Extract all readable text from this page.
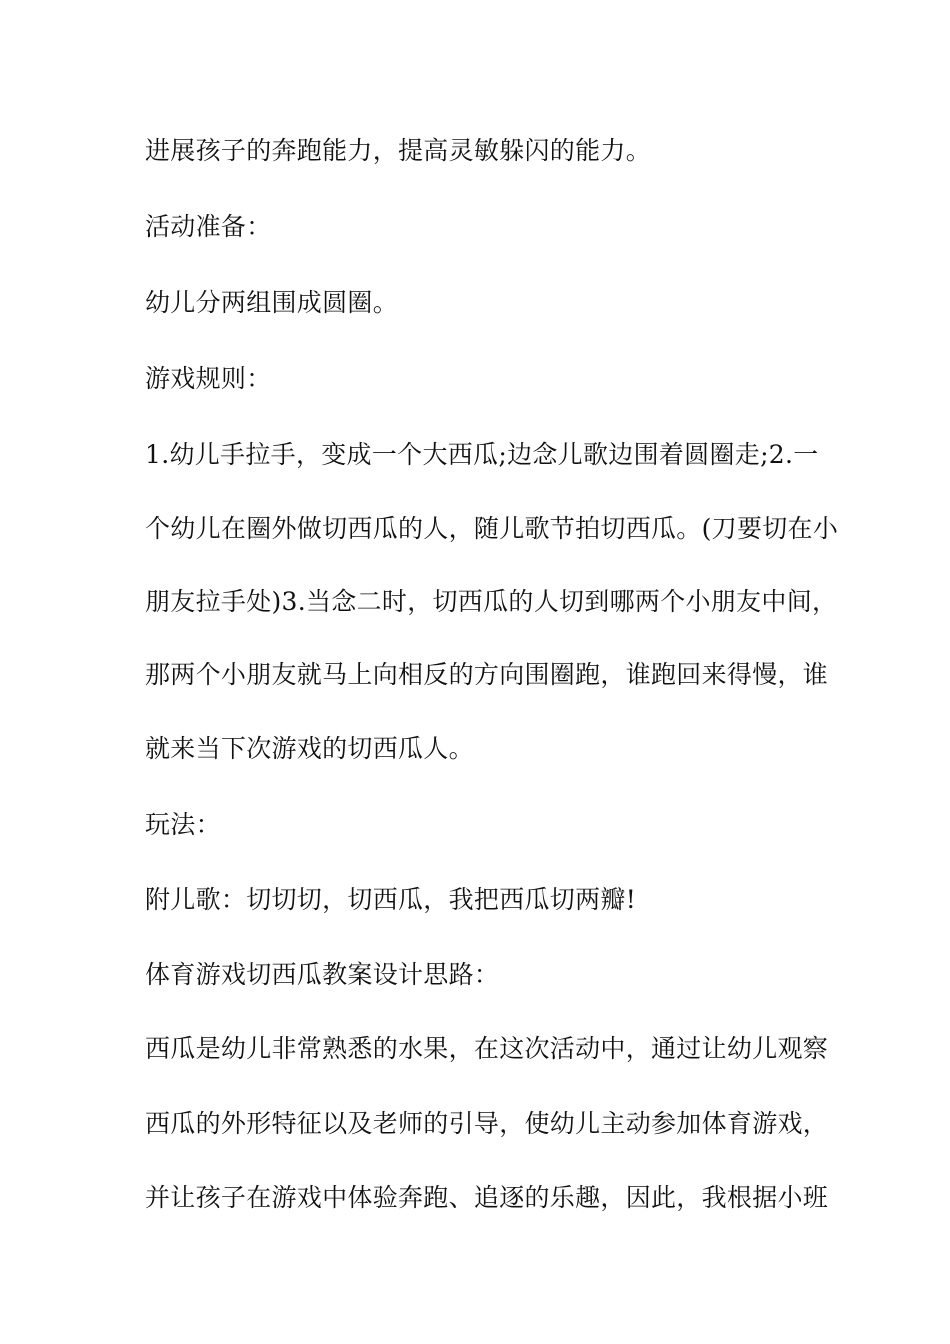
进展孩子的奔跑能力，提高灵敏躲闪的能力。
活动准备：
幼儿分两组围成圆圈。
游戏规则：
1.幼儿手拉手，变成一个大西瓜;边念儿歌边围着圆圈走;2.一
个幼儿在圈外做切西瓜的人，随儿歌节拍切西瓜。(刀要切在小
朋友拉手处)3.当念二时，切西瓜的人切到哪两个小朋友中间，
那两个小朋友就马上向相反的方向围圈跑，谁跑回来得慢，谁
就来当下次游戏的切西瓜人。
玩法：
附儿歌：切切切，切西瓜，我把西瓜切两瓣!
体育游戏切西瓜教案设计思路：
西瓜是幼儿非常熟悉的水果，在这次活动中，通过让幼儿观察
西瓜的外形特征以及老师的引导，使幼儿主动参加体育游戏，
并让孩子在游戏中体验奔跑、追逐的乐趣，因此，我根据小班
